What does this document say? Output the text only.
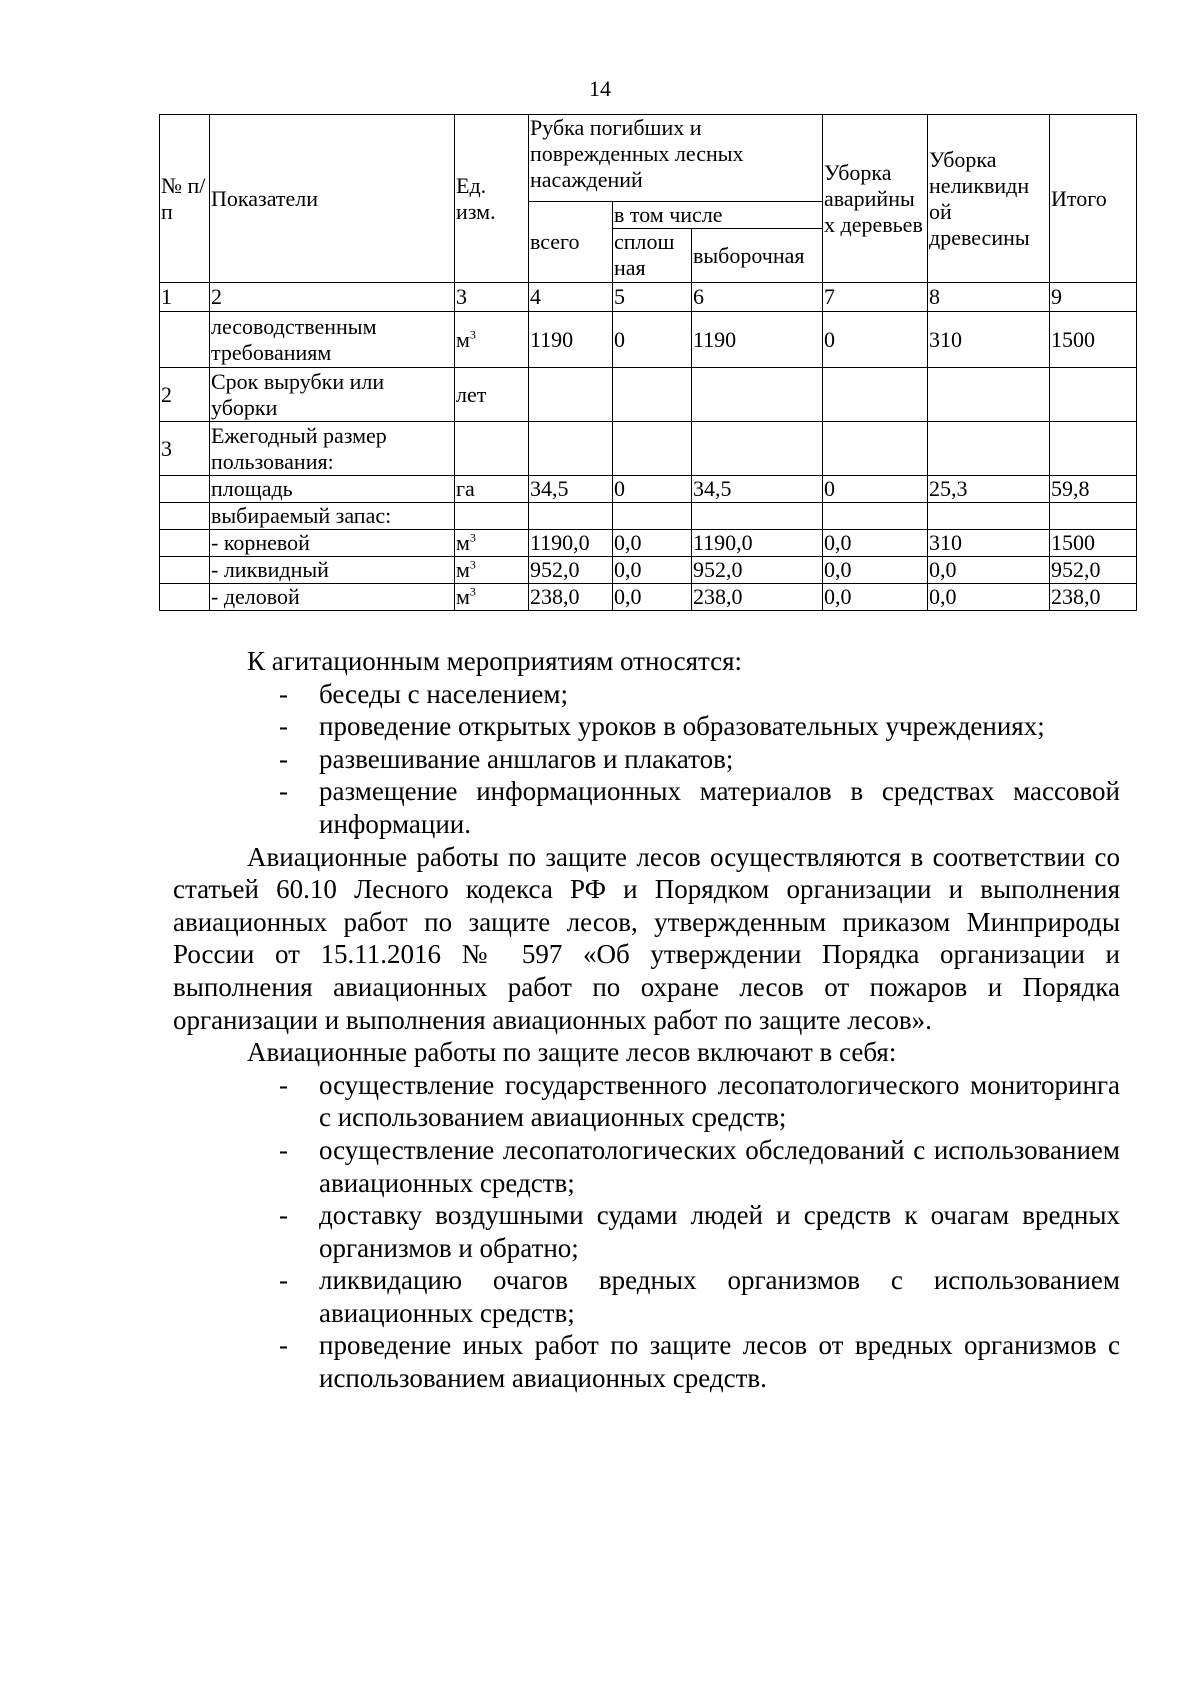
14
№ п/п	Показатели	Ед. изм.	Рубка погибших и поврежденных лесных насаждений			Уборка аварийны х деревьев	Уборка неликвидн ой древесины	Итого
			всего	в том числе				
				сплош ная	выборочная			
1	2	3	4	5	6	7	8	9
	лесоводственным требованиям	$м^3$	1190	0	1190	0	310	1500
2	Срок вырубки или уборки	лет						
3	Ежегодный размер пользования:							
	площадь	га	34,5	0	34,5	0	25,3	59,8
	выбираемый запас:							
	- корневой	$м^3$	1190,0	0,0	1190,0	0,0	310	1500
	- ликвидный	$м^3$	952,0	0,0	952,0	0,0	0,0	952,0
	- деловой	$м^3$	238,0	0,0	238,0	0,0	0,0	238,0

К агитационным мероприятиям относятся:

- беседы с населением;
- проведение открытых уроков в образовательных учреждениях;
- развешивание аншлагов и плакатов;
- размещение информационных материалов в средствах массовой информации.

Авиационные работы по защите лесов осуществляются в соответствии со статьей 60.10 Лесного кодекса РФ и Порядком организации и выполнения авиационных работ по защите лесов, утвержденным приказом Минприроды России от 15.11.2016 № 597 «Об утверждении Порядка организации и выполнения авиационных работ по охране лесов от пожаров и Порядка организации и выполнения авиационных работ по защите лесов».

Авиационные работы по защите лесов включают в себя:

- осуществление государственного лесопатологического мониторинга с использованием авиационных средств;
- осуществление лесопатологических обследований с использованием авиационных средств;
- доставку воздушными судами людей и средств к очагам вредных организмов и обратно;
- ликвидацию очагов вредных организмов с использованием авиационных средств;
- проведение иных работ по защите лесов от вредных организмов с использованием авиационных средств.
